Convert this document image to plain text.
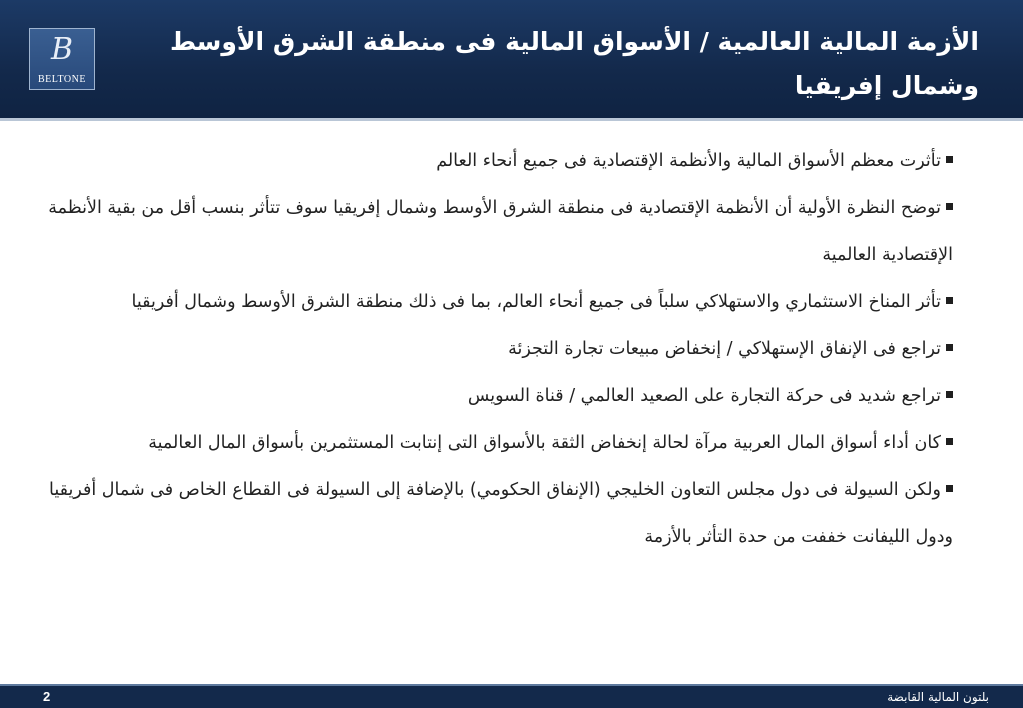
B
BELTONE
الأزمة المالية العالمية / الأسواق المالية فى منطقة الشرق الأوسط وشمال إفريقيا
تأثرت معظم الأسواق المالية والأنظمة الإقتصادية فى جميع أنحاء العالم
توضح النظرة الأولية أن الأنظمة الإقتصادية فى منطقة الشرق الأوسط وشمال إفريقيا سوف تتأثر بنسب أقل من بقية الأنظمة الإقتصادية العالمية
تأثر المناخ الاستثماري والاستهلاكي سلباً فى جميع أنحاء العالم، بما فى ذلك منطقة الشرق الأوسط وشمال أفريقيا
تراجع فى الإنفاق الإستهلاكي / إنخفاض مبيعات تجارة التجزئة
تراجع شديد فى حركة التجارة على الصعيد العالمي / قناة السويس
كان أداء أسواق المال العربية مرآة لحالة إنخفاض الثقة بالأسواق التى إنتابت المستثمرين بأسواق المال العالمية
ولكن السيولة فى دول مجلس التعاون الخليجي (الإنفاق الحكومي) بالإضافة إلى السيولة فى القطاع الخاص فى شمال أفريقيا ودول الليفانت خففت من حدة التأثر بالأزمة
2	بلتون المالية القابضة
